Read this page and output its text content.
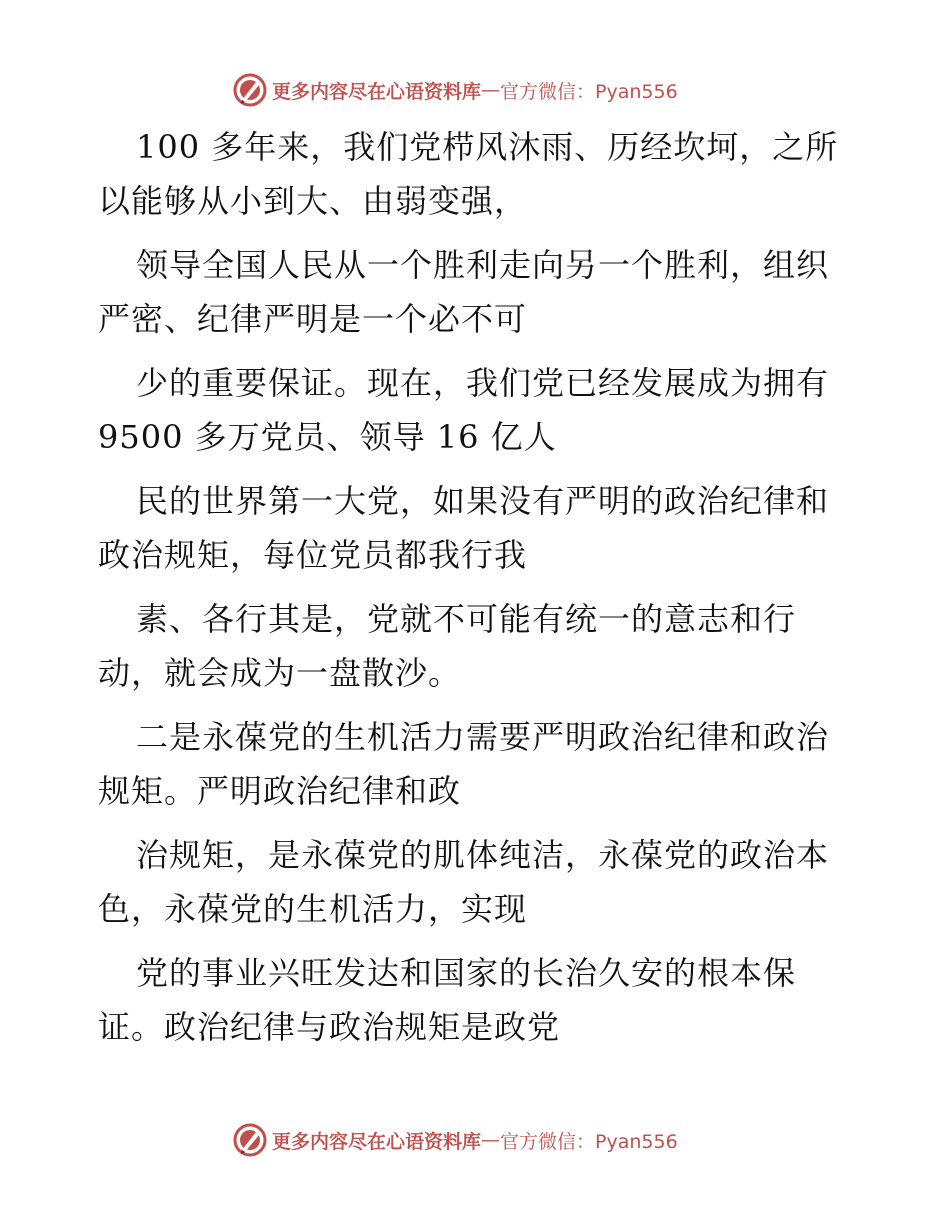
更多内容尽在心语资料库 — 官方微信：Pyan556
100 多年来，我们党栉风沐雨、历经坎坷，之所
以能够从小到大、由弱变强，
领导全国人民从一个胜利走向另一个胜利，组织
严密、纪律严明是一个必不可
少的重要保证。现在，我们党已经发展成为拥有
9500 多万党员、领导 16 亿人
民的世界第一大党，如果没有严明的政治纪律和
政治规矩，每位党员都我行我
素、各行其是，党就不可能有统一的意志和行
动，就会成为一盘散沙。
二是永葆党的生机活力需要严明政治纪律和政治
规矩。严明政治纪律和政
治规矩，是永葆党的肌体纯洁，永葆党的政治本
色，永葆党的生机活力，实现
党的事业兴旺发达和国家的长治久安的根本保
证。政治纪律与政治规矩是政党
更多内容尽在心语资料库 — 官方微信：Pyan556
